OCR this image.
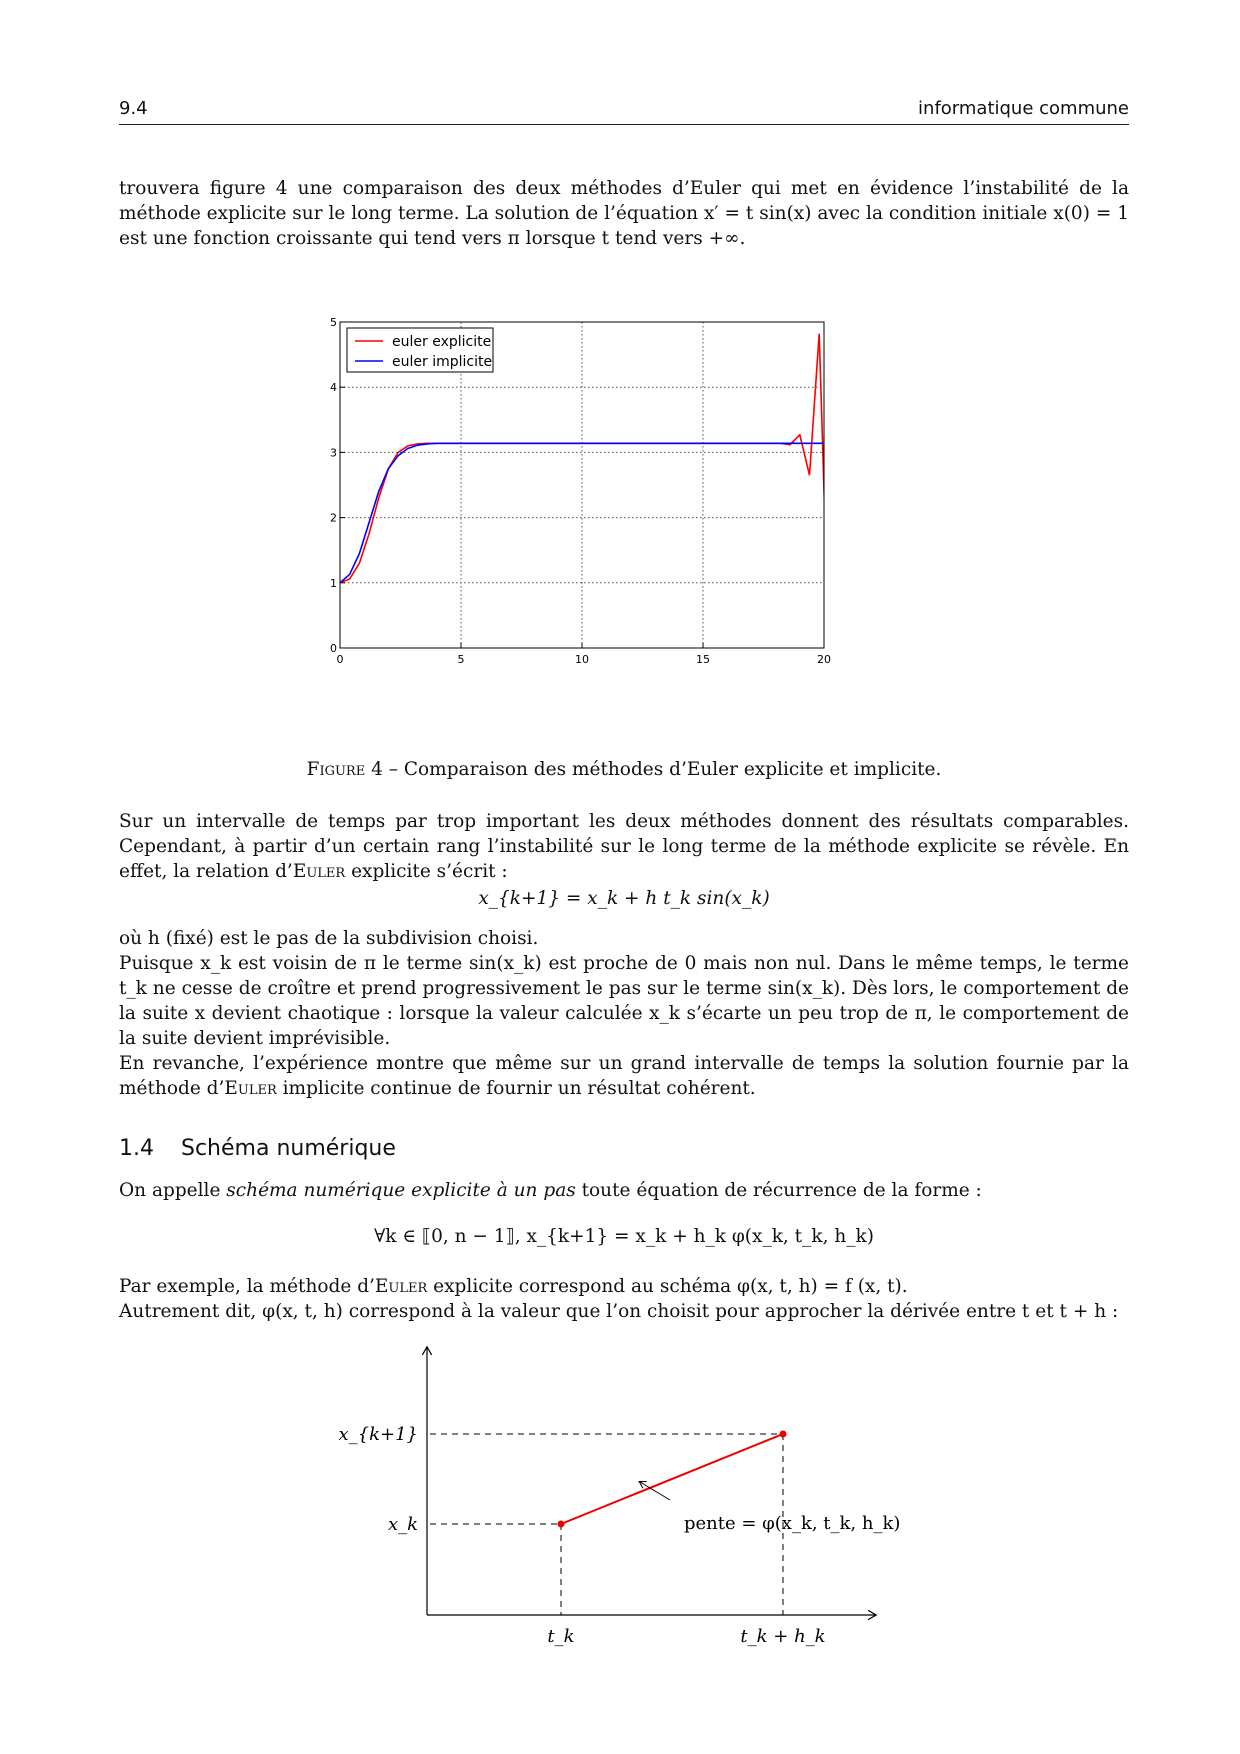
9.4	informatique commune

trouvera figure 4 une comparaison des deux méthodes d’Euler qui met en évidence l’instabilité de la méthode explicite sur le long terme. La solution de l’équation x′ = t sin(x) avec la condition initiale x(0) = 1 est une fonction croissante qui tend vers π lorsque t tend vers +∞.

0	5	10	15	20
0
1
2
3
4
5
euler explicite
euler implicite
Figure 4 – Comparaison des méthodes d’Euler explicite et implicite.

Sur un intervalle de temps par trop important les deux méthodes donnent des résultats comparables. Cependant, à partir d’un certain rang l’instabilité sur le long terme de la méthode explicite se révèle. En effet, la relation d’Euler explicite s’écrit :

x_{k+1} = x_k + h t_k sin(x_k)

où h (fixé) est le pas de la subdivision choisi.

Puisque x_k est voisin de π le terme sin(x_k) est proche de 0 mais non nul. Dans le même temps, le terme t_k ne cesse de croître et prend progressivement le pas sur le terme sin(x_k). Dès lors, le comportement de la suite x devient chaotique : lorsque la valeur calculée x_k s’écarte un peu trop de π, le comportement de la suite devient imprévisible.

En revanche, l’expérience montre que même sur un grand intervalle de temps la solution fournie par la méthode d’Euler implicite continue de fournir un résultat cohérent.

1.4 Schéma numérique

On appelle schéma numérique explicite à un pas toute équation de récurrence de la forme :

∀k ∈ ⟦0, n − 1⟧, x_{k+1} = x_k + h_k φ(x_k, t_k, h_k)

Par exemple, la méthode d’Euler explicite correspond au schéma φ(x, t, h) = f (x, t).

Autrement dit, φ(x, t, h) correspond à la valeur que l’on choisit pour approcher la dérivée entre t et t + h :

x_{k+1}
x_k
t_k	t_k + h_k
pente = φ(x_k, t_k, h_k)
